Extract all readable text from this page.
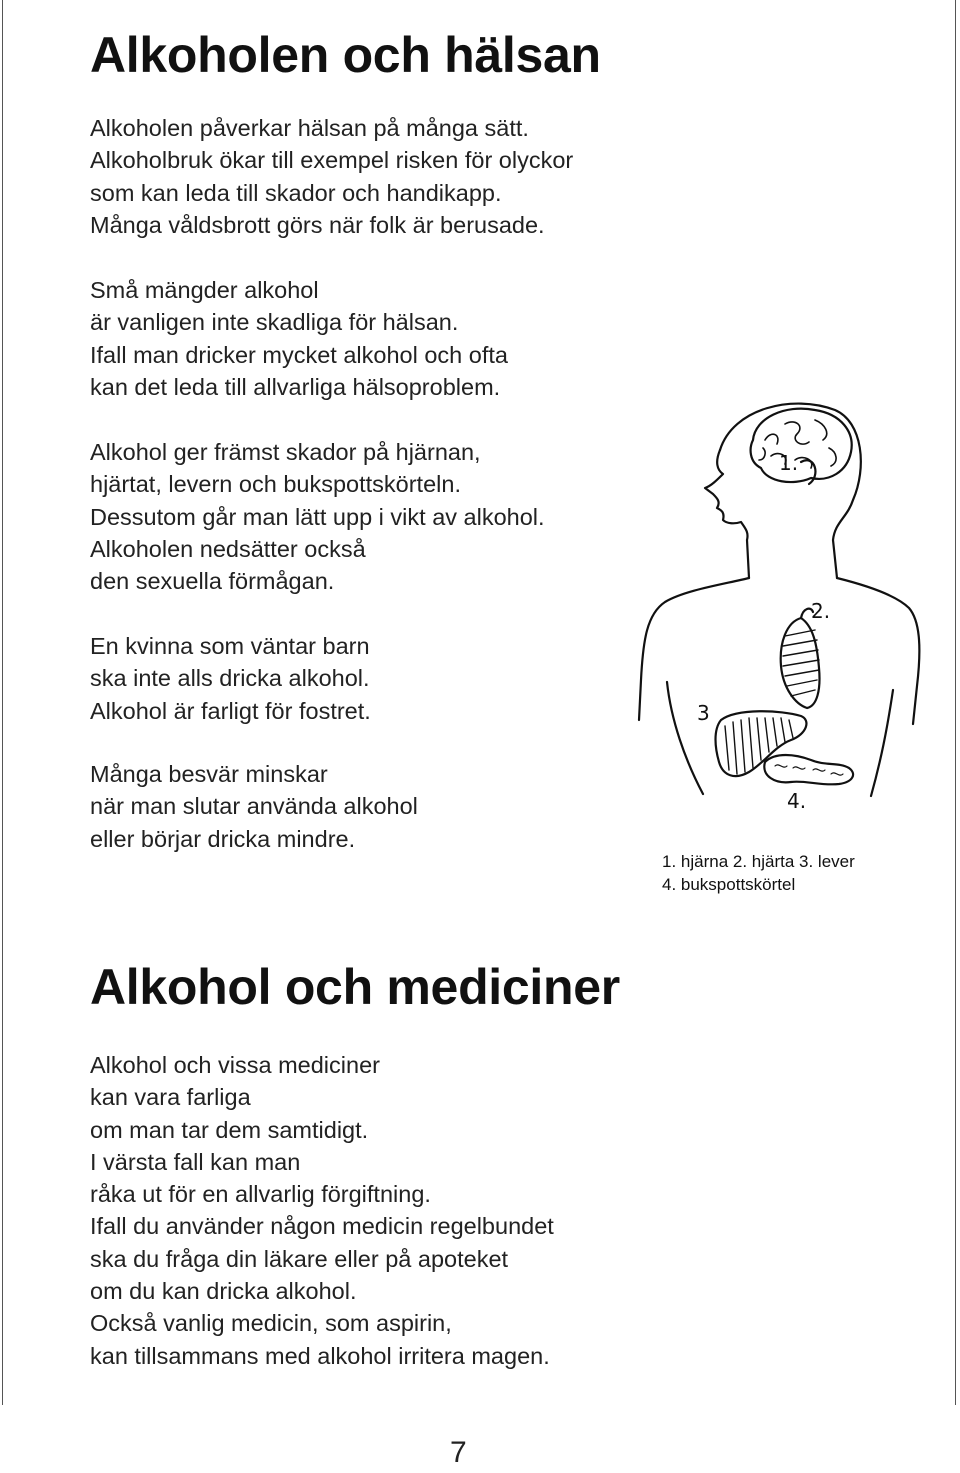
Alkoholen och hälsan
Alkoholen påverkar hälsan på många sätt.
Alkoholbruk ökar till exempel risken för olyckor
som kan leda till skador och handikapp.
Många våldsbrott görs när folk är berusade.
Små mängder alkohol
är vanligen inte skadliga för hälsan.
Ifall man dricker mycket alkohol och ofta
kan det leda till allvarliga hälsoproblem.
Alkohol ger främst skador på hjärnan,
hjärtat, levern och bukspottskörteln.
Dessutom går man lätt upp i vikt av alkohol.
Alkoholen nedsätter också
den sexuella förmågan.
En kvinna som väntar barn
ska inte alls dricka alkohol.
Alkohol är farligt för fostret.
Många besvär minskar
när man slutar använda alkohol
eller börjar dricka mindre.
1.
2.
3
4.
1. hjärna 2. hjärta 3. lever
4. bukspottskörtel
Alkohol och mediciner
Alkohol och vissa mediciner
kan vara farliga
om man tar dem samtidigt.
I värsta fall kan man
råka ut för en allvarlig förgiftning.
Ifall du använder någon medicin regelbundet
ska du fråga din läkare eller på apoteket
om du kan dricka alkohol.
Också vanlig medicin, som aspirin,
kan tillsammans med alkohol irritera magen.
7
